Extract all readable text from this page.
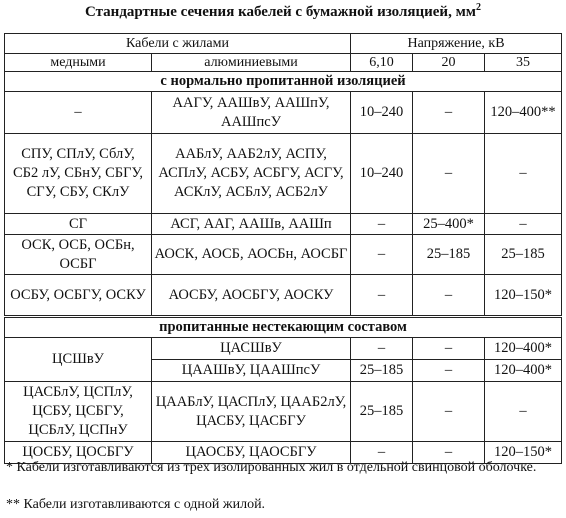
Стандартные сечения кабелей с бумажной изоляцией, $мм^2$
Кабели с жилами		Напряжение, кВ		
медными	алюминиевыми	6,10	20	35
с нормально пропитанной изоляцией				
–	ААГУ, ААШвУ, ААШпУ, ААШпсУ	10–240	–	120–400**
СПУ, СПлУ, СблУ, СБ2 лУ, СБнУ, СБГУ, СГУ, СБУ, СКлУ	ААБлУ, ААБ2лУ, АСПУ, АСПлУ, АСБУ, АСБГУ, АСГУ, АСКлУ, АСБлУ, АСБ2лУ	10–240	–	–
СГ	АСГ, ААГ, ААШв, ААШп	–	25–400*	–
ОСК, ОСБ, ОСБн, ОСБГ	АОСК, АОСБ, АОСБн, АОСБГ	–	25–185	25–185
ОСБУ, ОСБГУ, ОСКУ	АОСБУ, АОСБГУ, АОСКУ	–	–	120–150*
пропитанные нестекающим составом				
ЦСШвУ	ЦАСШвУ	–	–	120–400*
	ЦААШвУ, ЦААШпсУ	25–185	–	120–400*
ЦАСБлУ, ЦСПлУ, ЦСБУ, ЦСБГУ, ЦСБлУ, ЦСПнУ	ЦААБлУ, ЦАСПлУ, ЦААБ2лУ, ЦАСБУ, ЦАСБГУ	25–185	–	–
ЦОСБУ, ЦОСБГУ	ЦАОСБУ, ЦАОСБГУ	–	–	120–150*
* Кабели изготавливаются из трех изолированных жил в отдельной свинцовой оболочке.
** Кабели изготавливаются с одной жилой.
